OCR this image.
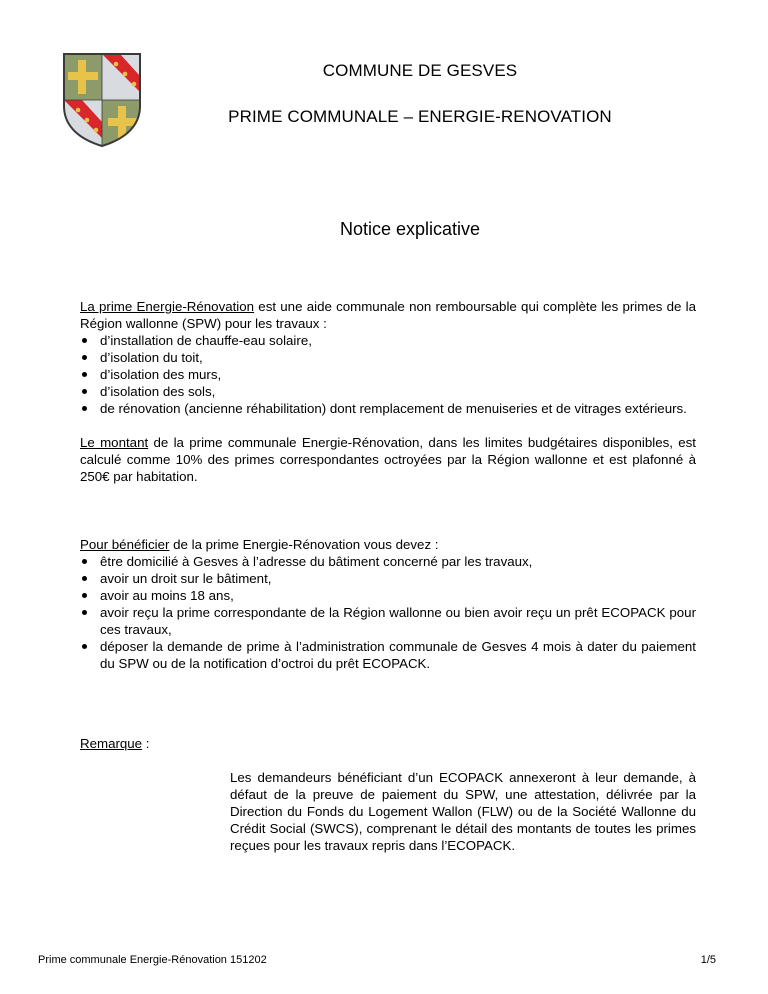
COMMUNE DE GESVES
PRIME COMMUNALE – ENERGIE-RENOVATION
Notice explicative
La prime Energie-Rénovation est une aide communale non remboursable qui complète les primes de la Région wallonne (SPW) pour les travaux :
d’installation de chauffe-eau solaire,
d’isolation du toit,
d’isolation des murs,
d’isolation des sols,
de rénovation (ancienne réhabilitation) dont remplacement de menuiseries et de vitrages extérieurs.
Le montant de la prime communale Energie-Rénovation, dans les limites budgétaires disponibles, est calculé comme 10% des primes correspondantes octroyées par la Région wallonne et est plafonné à 250€ par habitation.
Pour bénéficier de la prime Energie-Rénovation vous devez :
être domicilié à Gesves à l’adresse du bâtiment concerné par les travaux,
avoir un droit sur le bâtiment,
avoir au moins 18 ans,
avoir reçu la prime correspondante de la Région wallonne ou bien avoir reçu un prêt ECOPACK pour ces travaux,
déposer la demande de prime à l’administration communale de Gesves 4 mois à dater du paiement du SPW ou de la notification d’octroi du prêt ECOPACK.
Remarque :
Les demandeurs bénéficiant d’un ECOPACK annexeront à leur demande, à défaut de la preuve de paiement du SPW, une attestation, délivrée par la Direction du Fonds du Logement Wallon (FLW) ou de la Société Wallonne du Crédit Social (SWCS), comprenant le détail des montants de toutes les primes reçues pour les travaux repris dans l’ECOPACK.
Prime communale Energie-Rénovation 151202	1/5
